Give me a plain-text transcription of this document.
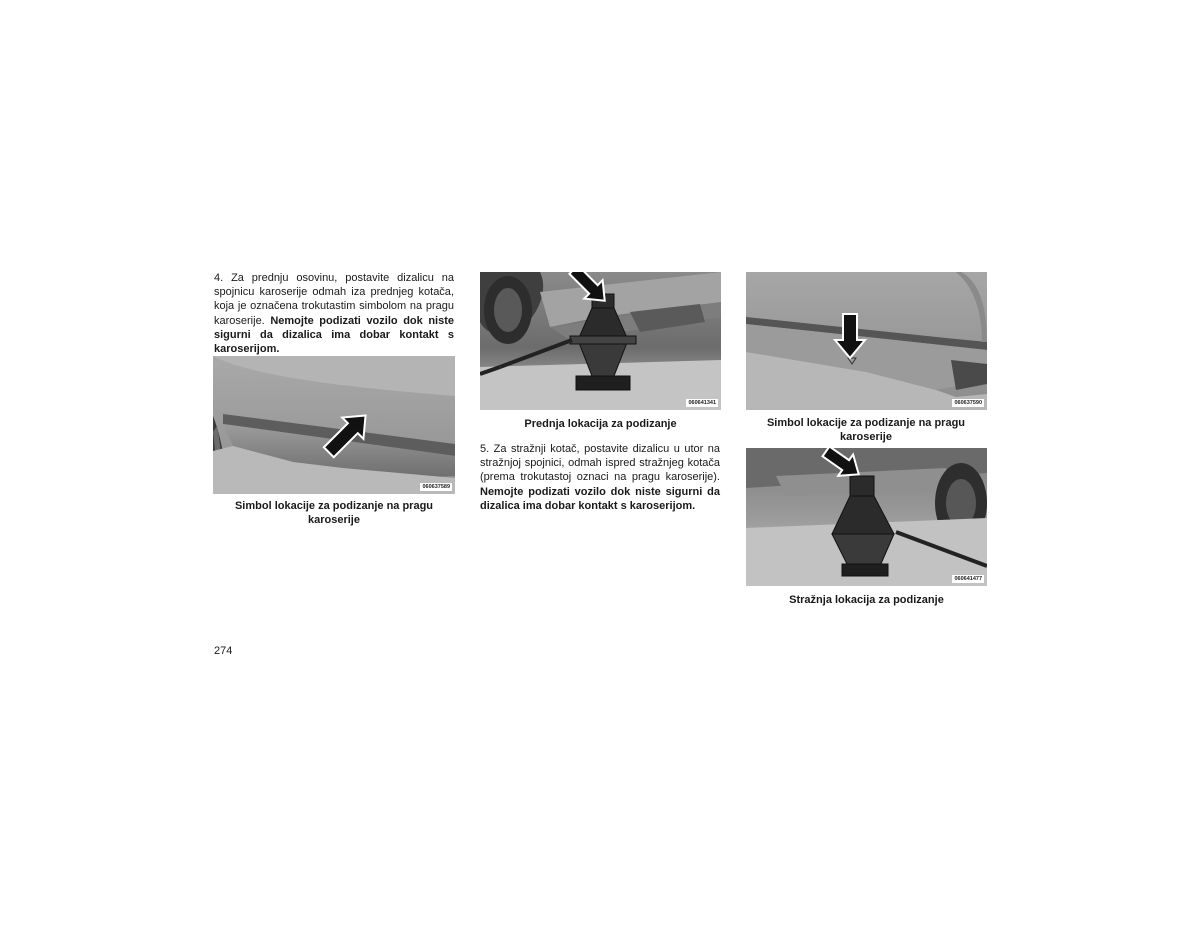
4. Za prednju osovinu, postavite dizalicu na spojnicu karoserije odmah iza prednjeg kotača, koja je označena trokutastim simbolom na pragu karoserije. Nemojte podizati vozilo dok niste sigurni da dizalica ima dobar kontakt s karoserijom.
060637589
Simbol lokacije za podizanje na pragu karoserije
060641341
Prednja lokacija za podizanje
5. Za stražnji kotač, postavite dizalicu u utor na stražnjoj spojnici, odmah ispred stražnjeg kotača (prema trokutastoj oznaci na pragu karoserije). Nemojte podizati vozilo dok niste sigurni da dizalica ima dobar kontakt s karoserijom.
060637590
Simbol lokacije za podizanje na pragu karoserije
060641477
Stražnja lokacija za podizanje
274
